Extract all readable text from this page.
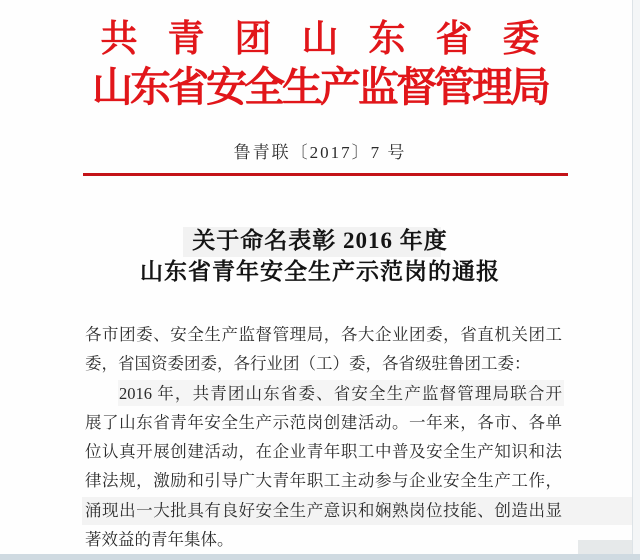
共青团山东省委
山东省安全生产监督管理局
鲁青联〔2017〕7 号
关于命名表彰 2016 年度
山东省青年安全生产示范岗的通报
各市团委、安全生产监督管理局，各大企业团委，省直机关团工
委，省国资委团委，各行业团（工）委，各省级驻鲁团工委：
2016 年，共青团山东省委、省安全生产监督管理局联合开
展了山东省青年安全生产示范岗创建活动。一年来，各市、各单
位认真开展创建活动，在企业青年职工中普及安全生产知识和法
律法规，激励和引导广大青年职工主动参与企业安全生产工作，
涌现出一大批具有良好安全生产意识和娴熟岗位技能、创造出显
著效益的青年集体。
